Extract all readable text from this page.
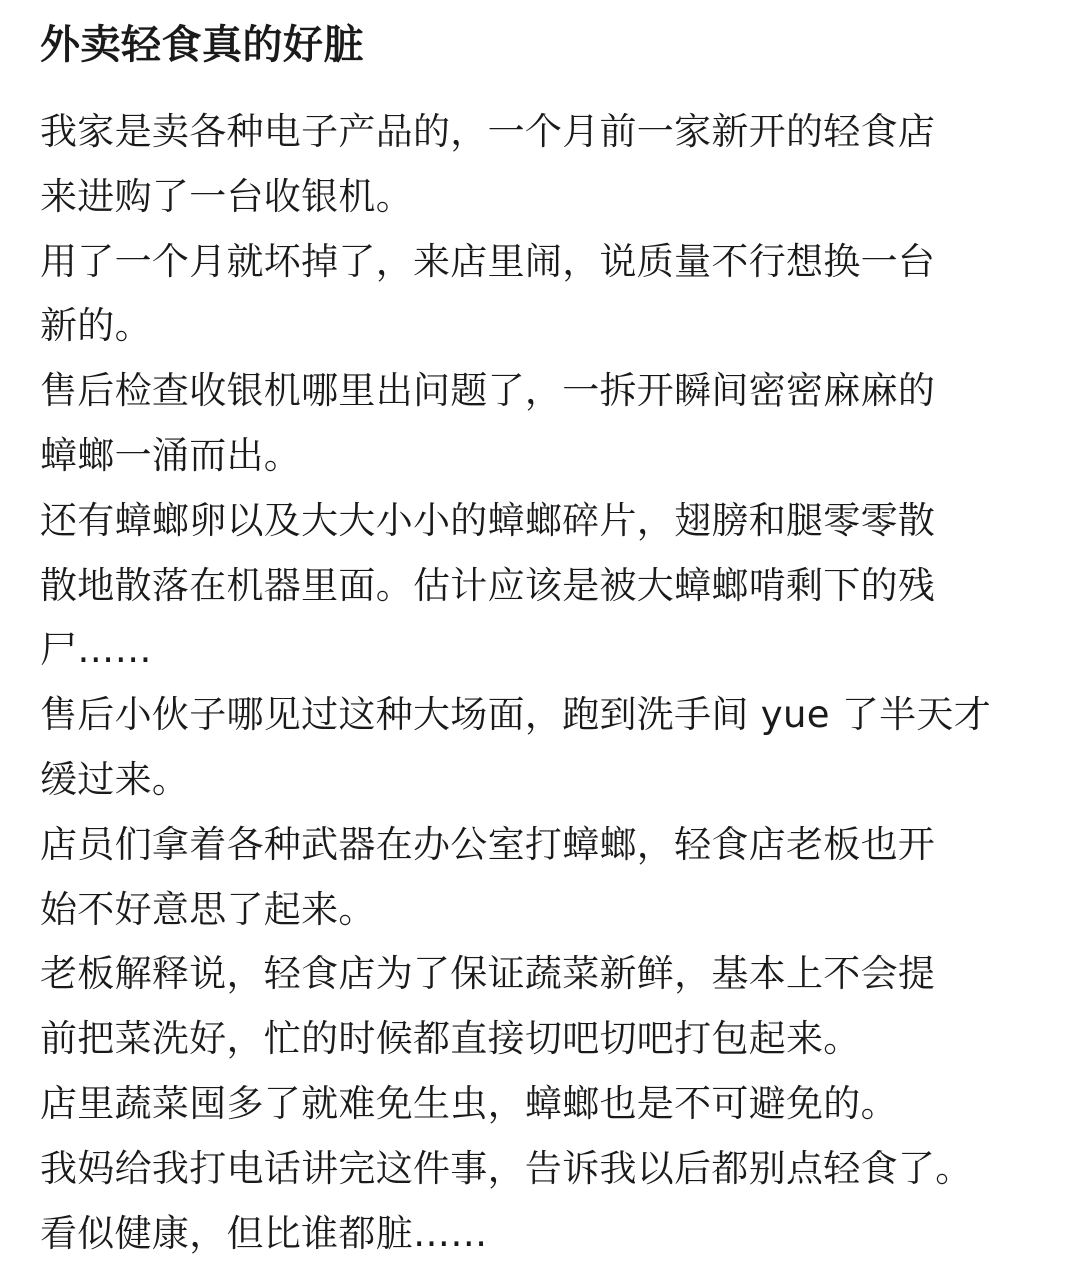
外卖轻食真的好脏

我家是卖各种电子产品的，一个月前一家新开的轻食店
来进购了一台收银机。

用了一个月就坏掉了，来店里闹，说质量不行想换一台
新的。

售后检查收银机哪里出问题了，一拆开瞬间密密麻麻的
蟑螂一涌而出。

还有蟑螂卵以及大大小小的蟑螂碎片，翅膀和腿零零散
散地散落在机器里面。估计应该是被大蟑螂啃剩下的残
尸……

售后小伙子哪见过这种大场面，跑到洗手间 yue 了半天才
缓过来。

店员们拿着各种武器在办公室打蟑螂，轻食店老板也开
始不好意思了起来。

老板解释说，轻食店为了保证蔬菜新鲜，基本上不会提
前把菜洗好，忙的时候都直接切吧切吧打包起来。

店里蔬菜囤多了就难免生虫，蟑螂也是不可避免的。

我妈给我打电话讲完这件事，告诉我以后都别点轻食了。

看似健康，但比谁都脏……
